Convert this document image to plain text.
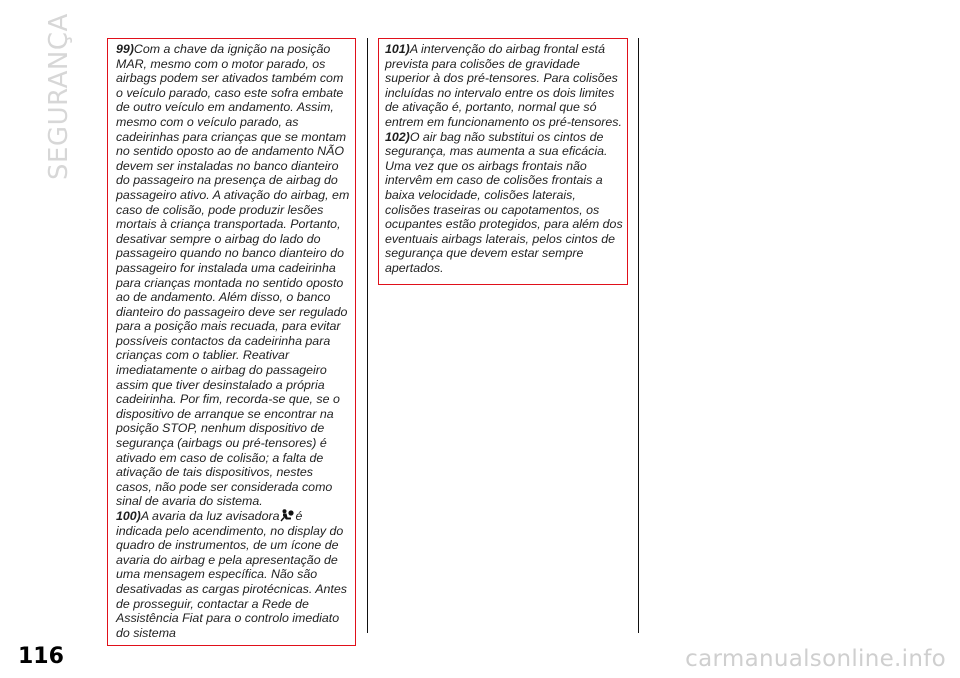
SEGURANÇA	99)Com a chave da ignição na posição MAR, mesmo com o motor parado, os airbags podem ser ativados também com o veículo parado, caso este sofra embate de outro veículo em andamento. Assim, mesmo com o veículo parado, as cadeirinhas para crianças que se montam no sentido oposto ao de andamento NÃO devem ser instaladas no banco dianteiro do passageiro na presença de airbag do passageiro ativo. A ativação do airbag, em caso de colisão, pode produzir lesões mortais à criança transportada. Portanto, desativar sempre o airbag do lado do passageiro quando no banco dianteiro do passageiro for instalada uma cadeirinha para crianças montada no sentido oposto ao de andamento. Além disso, o banco dianteiro do passageiro deve ser regulado para a posição mais recuada, para evitar possíveis contactos da cadeirinha para crianças com o tablier. Reativar imediatamente o airbag do passageiro assim que tiver desinstalado a própria cadeirinha. Por fim, recorda-se que, se o dispositivo de arranque se encontrar na posição STOP, nenhum dispositivo de segurança (airbags ou pré-tensores) é ativado em caso de colisão; a falta de ativação de tais dispositivos, nestes casos, não pode ser considerada como sinal de avaria do sistema.

100)A avaria da luz avisadora é indicada pelo acendimento, no display do quadro de instrumentos, de um ícone de avaria do airbag e pela apresentação de uma mensagem específica. Não são desativadas as cargas pirotécnicas. Antes de prosseguir, contactar a Rede de Assistência Fiat para o controlo imediato do sistema

101)A intervenção do airbag frontal está prevista para colisões de gravidade superior à dos pré-tensores. Para colisões incluídas no intervalo entre os dois limites de ativação é, portanto, normal que só entrem em funcionamento os pré-tensores.

102)O air bag não substitui os cintos de segurança, mas aumenta a sua eficácia. Uma vez que os airbags frontais não intervêm em caso de colisões frontais a baixa velocidade, colisões laterais, colisões traseiras ou capotamentos, os ocupantes estão protegidos, para além dos eventuais airbags laterais, pelos cintos de segurança que devem estar sempre apertados.

116	carmanualsonline.info
